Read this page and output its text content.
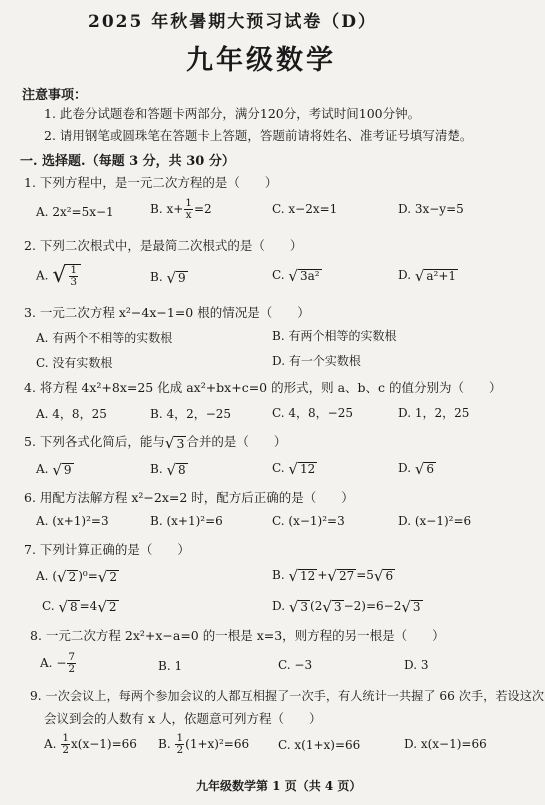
2025 年秋暑期大预习试卷（D）
九年级数学
注意事项：
1. 此卷分试题卷和答题卡两部分，满分120分，考试时间100分钟。
2. 请用钢笔或圆珠笔在答题卡上答题，答题前请将姓名、准考证号填写清楚。
一. 选择题.（每题 3 分，共 30 分）
1. 下列方程中，是一元二次方程的是（　　）
A. 2x²=5x−1	B. $x+ \frac{1}{x} =2$	C. x−2x=1	D. 3x−y=5
2. 下列二次根式中，是最简二次根式的是（　　）
A. √ $\frac{1}{3}$	B. √ 9	C. √ 3a²	D. √ a²+1
3. 一元二次方程 x²−4x−1=0 根的情况是（　　）
A. 有两个不相等的实数根	B. 有两个相等的实数根
C. 没有实数根	D. 有一个实数根
4. 将方程 4x²+8x=25 化成 ax²+bx+c=0 的形式，则 a、b、c 的值分别为（　　）
A. 4，8，25	B. 4，2，−25	C. 4，8，−25	D. 1，2，25
5. 下列各式化简后，能与 √ 3 合并的是（　　）
A. √ 9	B. √ 8	C. √ 12	D. √ 6
6. 用配方法解方程 x²−2x=2 时，配方后正确的是（　　）
A. (x+1)²=3	B. (x+1)²=6	C. (x−1)²=3	D. (x−1)²=6
7. 下列计算正确的是（　　）
A. ( √ 2 )⁰= √ 2	B. √ 12 + √ 27 =5 √ 6
C. √ 8 =4 √ 2	D. √ 3 (2 √ 3 −2)=6−2 √ 3
8. 一元二次方程 2x²+x−a=0 的一根是 x=3，则方程的另一根是（　　）
A. − $\frac{7}{2}$	B. 1	C. −3	D. 3
9. 一次会议上，每两个参加会议的人都互相握了一次手，有人统计一共握了 66 次手，若设这次
会议到会的人数有 x 人，依题意可列方程（　　）
A. $\frac{1}{2} x(x-1)=66$ B. $\frac{1}{2} (1+x)^2=66$ C. x(1+x)=66	D. x(x−1)=66
九年级数学第 1 页（共 4 页）
